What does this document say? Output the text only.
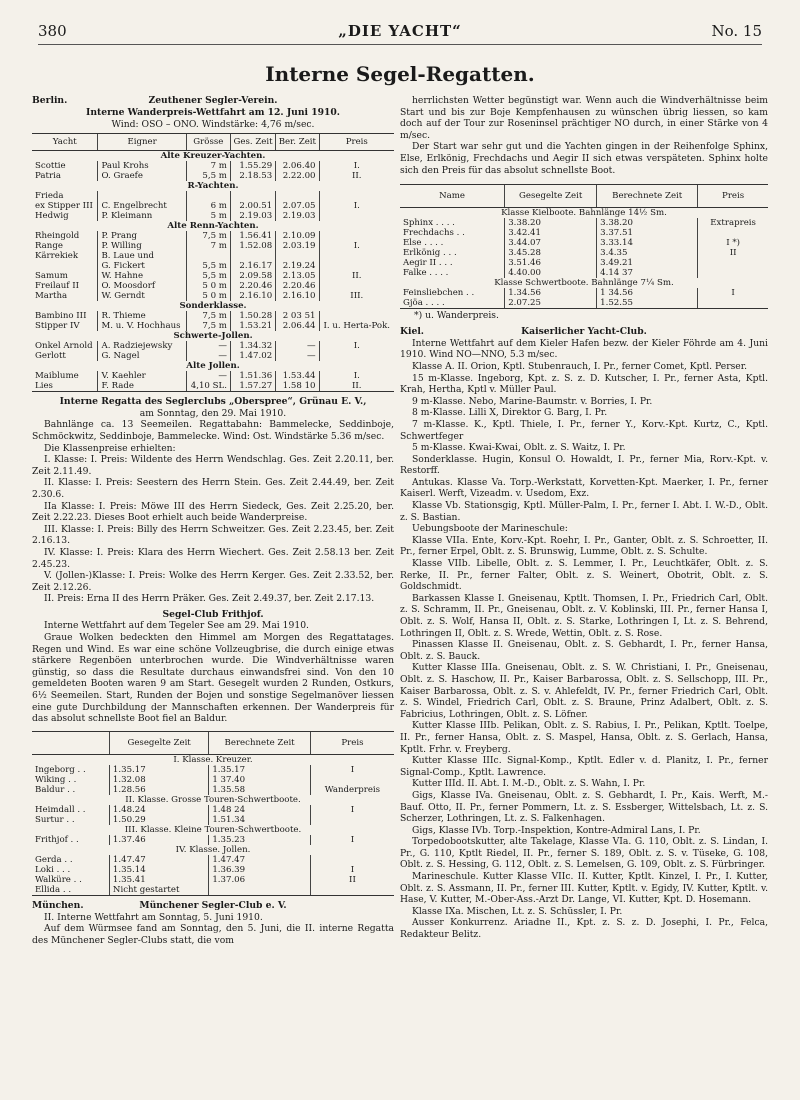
380	„DIE YACHT“	No. 15
Interne Segel-Regatten.
Berlin.	Zeuthener Segler-Verein.
Interne Wanderpreis-Wettfahrt am 12. Juni 1910.
Wind: OSO – ONO. Windstärke: 4,76 m/sec.
Yacht	Eigner	Grösse	Ges. Zeit	Ber. Zeit	Preis
Alte Kreuzer-Yachten.					
Scottie	Paul Krohs	7 m	1.55.29	2.06.40	I.
Patria	O. Graefe	5,5 m	2.18.53	2.22.00	II.
R-Yachten.					
Frieda					
ex Stipper III	C. Engelbrecht	6 m	2.00.51	2.07.05	I.
Hedwig	P. Kleimann	5 m	2.19.03	2.19.03	
Alte Renn-Yachten.					
Rheingold	P. Prang	7,5 m	1.56.41	2.10.09	
Range	P. Willing	7 m	1.52.08	2.03.19	I.
Kärrekiek	B. Laue und				
	G. Fickert	5,5 m	2.16.17	2.19.24	
Samum	W. Hahne	5,5 m	2.09.58	2.13.05	II.
Freilauf II	O. Moosdorf	5 0 m	2.20.46	2.20.46	
Martha	W. Gerndt	5 0 m	2.16.10	2.16.10	III.
Sonderklasse.					
Bambino III	R. Thieme	7,5 m	1.50.28	2 03 51	
Stipper IV	M. u. V. Hochhaus	7,5 m	1.53.21	2.06.44	I. u. Herta-Pok.
Schwerte-Jollen.					
Onkel Arnold	A. Radziejewsky	—	1.34.32	—	I.
Gerlott	G. Nagel	—	1.47.02	—	
Alte Jollen.					
Maiblume	V. Kaehler	—	1.51.36	1.53.44	I.
Lies	F. Rade	4,10 SL.	1.57.27	1.58 10	II.
Interne Regatta des Seglerclubs „Oberspree“, Grünau E. V.,
am Sonntag, den 29. Mai 1910.

Bahnlänge ca. 13 Seemeilen. Regattabahn: Bammelecke, Seddinboje, Schmöckwitz, Seddinboje, Bammelecke. Wind: Ost. Windstärke 5.36 m/sec.

Die Klassenpreise erhielten:

I. Klasse: I. Preis: Wildente des Herrn Wendschlag. Ges. Zeit 2.20.11, ber. Zeit 2.11.49.

II. Klasse: I. Preis: Seestern des Herrn Stein. Ges. Zeit 2.44.49, ber. Zeit 2.30.6.

IIa Klasse: I. Preis: Möwe III des Herrn Siedeck, Ges. Zeit 2.25.20, ber. Zeit 2.22.23. Dieses Boot erhielt auch beide Wanderpreise.

III. Klasse: I. Preis: Billy des Herrn Schweitzer. Ges. Zeit 2.23.45, ber. Zeit 2.16.13.

IV. Klasse: I. Preis: Klara des Herrn Wiechert. Ges. Zeit 2.58.13 ber. Zeit 2.45.23.

V. (Jollen-)Klasse: I. Preis: Wolke des Herrn Kerger. Ges. Zeit 2.33.52, ber. Zeit 2.12.26.

II. Preis: Erna II des Herrn Präker. Ges. Zeit 2.49.37, ber. Zeit 2.17.13.

Segel-Club Frithjof.

Interne Wettfahrt auf dem Tegeler See am 29. Mai 1910.

Graue Wolken bedeckten den Himmel am Morgen des Regattatages. Regen und Wind. Es war eine schöne Vollzeugbrise, die durch einige etwas stärkere Regenböen unterbrochen wurde. Die Windverhältnisse waren günstig, so dass die Resultate durchaus einwandsfrei sind. Von den 10 gemeldeten Booten waren 9 am Start. Gesegelt wurden 2 Runden, Ostkurs, 6½ Seemeilen. Start, Runden der Bojen und sonstige Segelmanöver liessen eine gute Durchbildung der Mannschaften erkennen. Der Wanderpreis für das absolut schnellste Boot fiel an Baldur.

	Gesegelte Zeit	Berechnete Zeit	Preis
I. Klasse. Kreuzer.			
Ingeborg . .	1.35.17	1.35.17	I
Wiking . .	1.32.08	1 37.40	
Baldur . .	1.28.56	1.35.58	Wanderpreis
II. Klasse. Grosse Touren-Schwertboote.			
Heimdall . .	1.48.24	1.48 24	I
Surtur . .	1.50.29	1.51.34	
III. Klasse. Kleine Touren-Schwertboote.			
Frithjof . .	1.37.46	1.35.23	I
IV. Klasse. Jollen.			
Gerda . .	1.47.47	1.47.47	
Loki . . .	1.35.14	1.36.39	I
Walküre . .	1.35.41	1.37.06	II
Ellida . .	Nicht gestartet		
München.	Münchener Segler-Club e. V.

II. Interne Wettfahrt am Sonntag, 5. Juni 1910.

Auf dem Würmsee fand am Sonntag, den 5. Juni, die II. interne Regatta des Münchener Segler-Clubs statt, die vom

herrlichsten Wetter begünstigt war. Wenn auch die Windverhältnisse beim Start und bis zur Boje Kempfenhausen zu wünschen übrig liessen, so kam doch auf der Tour zur Roseninsel prächtiger NO durch, in einer Stärke von 4 m/sec.

Der Start war sehr gut und die Yachten gingen in der Reihenfolge Sphinx, Else, Erlkönig, Frechdachs und Aegir II sich etwas verspäteten. Sphinx holte sich den Preis für das absolut schnellste Boot.

Name	Gesegelte Zeit	Berechnete Zeit	Preis
Klasse Kielboote. Bahnlänge 14½ Sm.			
Sphinx . . . .	3.38.20	3.38.20	Extrapreis
Frechdachs . .	3.42.41	3.37.51	
Else . . . .	3.44.07	3.33.14	I *)
Erlkönig . . .	3.45.28	3.4.35	II
Aegir II . . .	3.51.46	3.49.21	
Falke . . . .	4.40.00	4.14 37	
Klasse Schwertboote. Bahnlänge 7¼ Sm.			
Feinsliebchen . .	1.34.56	1 34.56	I
Gjöa . . . .	2.07.25	1.52.55	
*) u. Wanderpreis.
Kiel.	Kaiserlicher Yacht-Club.

Interne Wettfahrt auf dem Kieler Hafen bezw. der Kieler Föhrde am 4. Juni 1910. Wind NO—NNO, 5.3 m/sec.

Klasse A. II. Orion, Kptl. Stubenrauch, I. Pr., ferner Comet, Kptl. Perser.

15 m-Klasse. Ingeborg, Kpt. z. S. z. D. Kutscher, I. Pr., ferner Asta, Kptl. Krah, Hertha, Kptl v. Müller Paul.

9 m-Klasse. Nebo, Marine-Baumstr. v. Borries, I. Pr.

8 m-Klasse. Lilli X, Direktor G. Barg, I. Pr.

7 m-Klasse. K., Kptl. Thiele, I. Pr., ferner Y., Korv.-Kpt. Kurtz, C., Kptl. Schwertfeger

5 m-Klasse. Kwai-Kwai, Oblt. z. S. Waitz, I. Pr.

Sonderklasse. Hugin, Konsul O. Howaldt, I. Pr., ferner Mia, Rorv.-Kpt. v. Restorff.

Antukas. Klasse Va. Torp.-Werkstatt, Korvetten-Kpt. Maerker, I. Pr., ferner Kaiserl. Werft, Vizeadm. v. Usedom, Exz.

Klasse Vb. Stationsgig, Kptl. Müller-Palm, I. Pr., ferner I. Abt. I. W.-D., Oblt. z. S. Bastian.

Uebungsboote der Marineschule:

Klasse VIIa. Ente, Korv.-Kpt. Roehr, I. Pr., Ganter, Oblt. z. S. Schroetter, II. Pr., ferner Erpel, Oblt. z. S. Brunswig, Lumme, Oblt. z. S. Schulte.

Klasse VIIb. Libelle, Oblt. z. S. Lemmer, I. Pr., Leuchtkäfer, Oblt. z. S. Rerke, II. Pr., ferner Falter, Oblt. z. S. Weinert, Obotrit, Oblt. z. S. Goldschmidt.

Barkassen Klasse I. Gneisenau, Kptlt. Thomsen, I. Pr., Friedrich Carl, Oblt. z. S. Schramm, II. Pr., Gneisenau, Oblt. z. V. Koblinski, III. Pr., ferner Hansa I, Oblt. z. S. Wolf, Hansa II, Oblt. z. S. Starke, Lothringen I, Lt. z. S. Behrend, Lothringen II, Oblt. z. S. Wrede, Wettin, Oblt. z. S. Rose.

Pinassen Klasse II. Gneisenau, Oblt. z. S. Gebhardt, I. Pr., ferner Hansa, Oblt. z. S. Bauck.

Kutter Klasse IIIa. Gneisenau, Oblt. z. S. W. Christiani, I. Pr., Gneisenau, Oblt. z. S. Haschow, II. Pr., Kaiser Barbarossa, Oblt. z. S. Sellschopp, III. Pr., Kaiser Barbarossa, Oblt. z. S. v. Ahlefeldt, IV. Pr., ferner Friedrich Carl, Oblt. z. S. Windel, Friedrich Carl, Oblt. z. S. Braune, Prinz Adalbert, Oblt. z. S. Fabricius, Lothringen, Oblt. z. S. Löfner.

Kutter Klasse IIIb. Pelikan, Oblt. z. S. Rabius, I. Pr., Pelikan, Kptlt. Toelpe, II. Pr., ferner Hansa, Oblt. z. S. Maspel, Hansa, Oblt. z. S. Gerlach, Hansa, Kptlt. Frhr. v. Freyberg.

Kutter Klasse IIIc. Signal-Komp., Kptlt. Edler v. d. Planitz, I. Pr., ferner Signal-Comp., Kptlt. Lawrence.

Kutter IIId. II. Abt. I. M.-D., Oblt. z. S. Wahn, I. Pr.

Gigs, Klasse IVa. Gneisenau, Oblt. z. S. Gebhardt, I. Pr., Kais. Werft, M.-Bauf. Otto, II. Pr., ferner Pommern, Lt. z. S. Essberger, Wittelsbach, Lt. z. S. Scherzer, Lothringen, Lt. z. S. Falkenhagen.

Gigs, Klasse IVb. Torp.-Inspektion, Kontre-Admiral Lans, I. Pr.

Torpedobootskutter, alte Takelage, Klasse VIa. G. 110, Oblt. z. S. Lindan, I. Pr., G. 110, Kptlt Riedel, II. Pr., ferner S. 189, Oblt. z. S. v. Tüseke, G. 108, Oblt. z. S. Hessing, G. 112, Oblt. z. S. Lemelsen, G. 109, Oblt. z. S. Fürbringer.

Marineschule. Kutter Klasse VIIc. II. Kutter, Kptlt. Kinzel, I. Pr., I. Kutter, Oblt. z. S. Assmann, II. Pr., ferner III. Kutter, Kptlt. v. Egidy, IV. Kutter, Kptlt. v. Hase, V. Kutter, M.-Ober-Ass.-Arzt Dr. Lange, VI. Kutter, Kpt. D. Hosemann.

Klasse IXa. Mischen, Lt. z. S. Schüssler, I. Pr.

Ausser Konkurrenz. Ariadne II., Kpt. z. S. z. D. Josephi, I. Pr., Felca, Redakteur Belitz.
